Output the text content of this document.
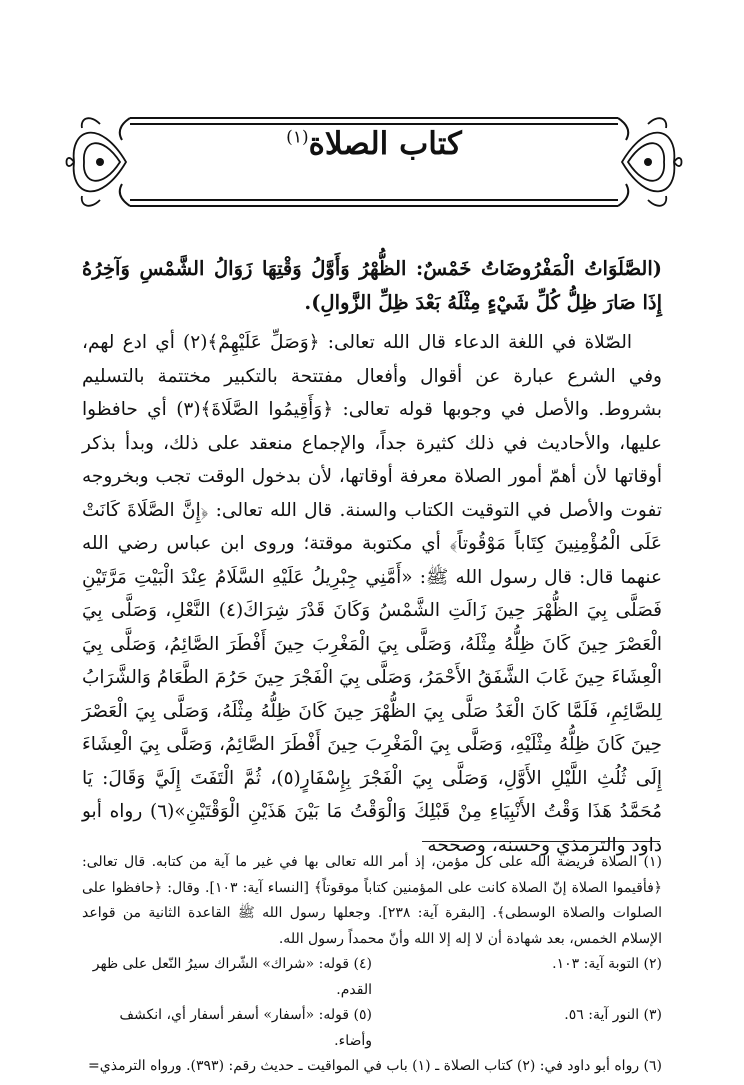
كتاب الصلاة$^{(١)}$

(الصَّلَوَاتُ الْمَفْرُوضَاتُ خَمْسٌ: الظُّهْرُ وَأَوَّلُ وَقْتِهَا زَوَالُ الشَّمْسِ وَآخِرُهُ إِذَا صَارَ ظِلُّ كُلِّ شَيْءٍ مِثْلَهُ بَعْدَ ظِلِّ الزَّوالِ).

الصّلاة في اللغة الدعاء قال الله تعالى: ﴿وَصَلِّ عَلَيْهِمْ﴾(٢) أي ادع لهم، وفي الشرع عبارة عن أقوال وأفعال مفتتحة بالتكبير مختتمة بالتسليم بشروط. والأصل في وجوبها قوله تعالى: ﴿وَأَقِيمُوا الصَّلَاةَ﴾(٣) أي حافظوا عليها، والأحاديث في ذلك كثيرة جداً، والإجماع منعقد على ذلك، وبدأ بذكر أوقاتها لأن أهمّ أمور الصلاة معرفة أوقاتها، لأن بدخول الوقت تجب وبخروجه تفوت والأصل في التوقيت الكتاب والسنة. قال الله تعالى: ﴿إِنَّ الصَّلَاةَ كَانَتْ عَلَى الْمُؤْمِنِينَ كِتَاباً مَوْقُوتاً﴾ أي مكتوبة موقتة؛ وروى ابن عباس رضي الله عنهما قال: قال رسول الله ﷺ: «أَمَّنِي جِبْرِيلُ عَلَيْهِ السَّلَامُ عِنْدَ الْبَيْتِ مَرَّتَيْنِ فَصَلَّى بِيَ الظُّهْرَ حِينَ زَالَتِ الشَّمْسُ وَكَانَ قَدْرَ شِرَاكَ(٤) النَّعْلِ، وَصَلَّى بِيَ الْعَصْرَ حِينَ كَانَ ظِلُّهُ مِثْلَهُ، وَصَلَّى بِيَ الْمَغْرِبَ حِينَ أَفْطَرَ الصَّائِمُ، وَصَلَّى بِيَ الْعِشَاءَ حِينَ غَابَ الشَّفَقُ الأَحْمَرُ، وَصَلَّى بِيَ الْفَجْرَ حِينَ حَرُمَ الطَّعَامُ وَالشَّرَابُ لِلصَّائِمِ، فَلَمَّا كَانَ الْغَدُ صَلَّى بِيَ الظُّهْرَ حِينَ كَانَ ظِلُّهُ مِثْلَهُ، وَصَلَّى بِيَ الْعَصْرَ حِينَ كَانَ ظِلُّهُ مِثْلَيْهِ، وَصَلَّى بِيَ الْمَغْرِبَ حِينَ أَفْطَرَ الصَّائِمُ، وَصَلَّى بِيَ الْعِشَاءَ إِلَى ثُلُثِ اللَّيْلِ الأَوَّلِ، وَصَلَّى بِيَ الْفَجْرَ بِإِسْفَارٍ(٥)، ثُمَّ الْتَفَتَ إِلَيَّ وَقَالَ: يَا مُحَمَّدُ هَذَا وَقْتُ الأَنْبِيَاءِ مِنْ قَبْلِكَ وَالْوَقْتُ مَا بَيْنَ هَذَيْنِ الْوَقْتَيْنِ»(٦) رواه أبو داود والترمذي وحسنه، وصححه

(١) الصلاة فريضة الله على كل مؤمن، إذ أمر الله تعالى بها في غير ما آية من كتابه. قال تعالى: ﴿فأقيموا الصلاة إنّ الصلاة كانت على المؤمنين كتاباً موقوتاً﴾ [النساء آية: ١٠٣]. وقال: ﴿حافظوا على الصلوات والصلاة الوسطى﴾. [البقرة آية: ٢٣٨]. وجعلها رسول الله ﷺ القاعدة الثانية من قواعد الإسلام الخمس، بعد شهادة أن لا إله إلا الله وأنّ محمداً رسول الله.

(٢) التوبة آية: ١٠٣.
(٤) قوله: «شراك» الشّراك سيرُ النّعل على ظهر القدم.
(٣) النور آية: ٥٦.
(٥) قوله: «أسفار» أسفر أسفار أي، انكشف وأضاء.

(٦) رواه أبو داود في: (٢) كتاب الصلاة ـ (١) باب في المواقيت ـ حديث رقم: (٣٩٣). ورواه الترمذي=
